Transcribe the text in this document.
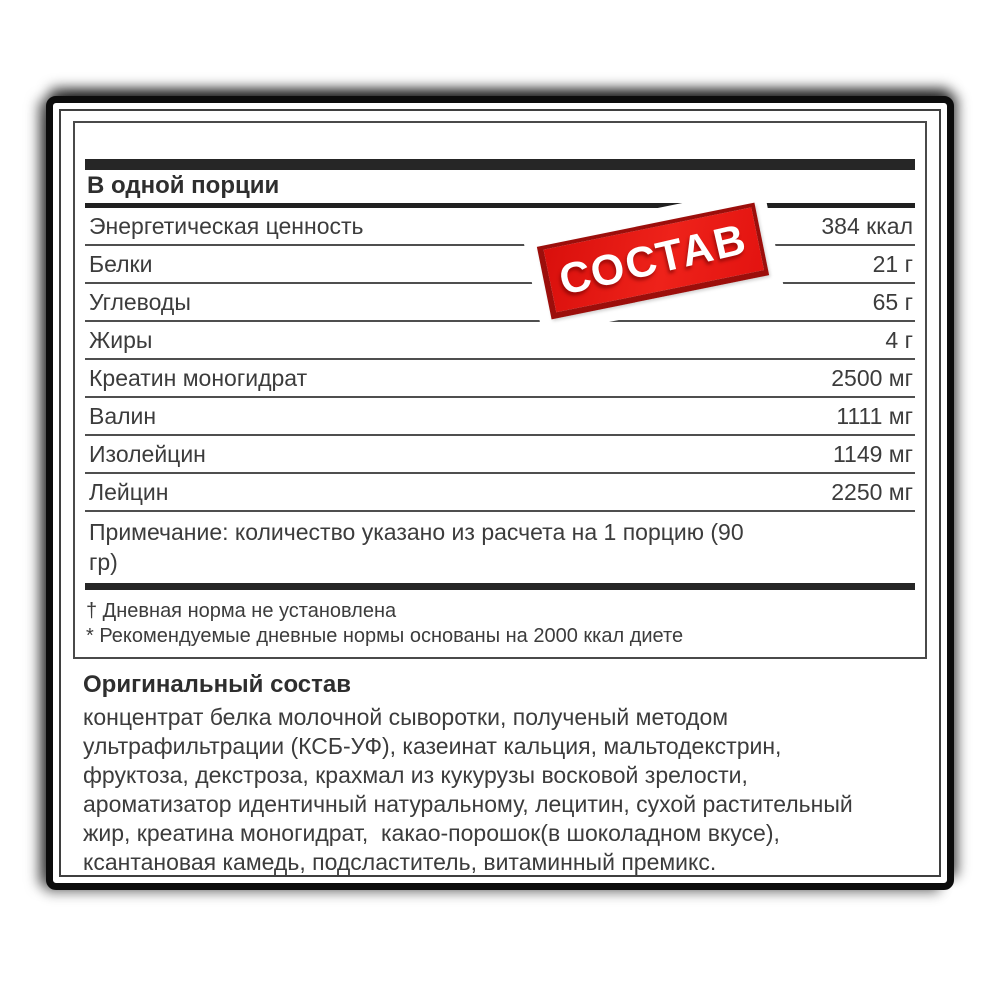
В одной порции
Энергетическая ценность	384 ккал
Белки	21 г
Углеводы	65 г
Жиры	4 г
Креатин моногидрат	2500 мг
Валин	1111 мг
Изолейцин	1149 мг
Лейцин	2250 мг
Примечание: количество указано из расчета на 1 порцию (90
гр)
† Дневная норма не установлена
* Рекомендуемые дневные нормы основаны на 2000 ккал диете
Оригинальный состав
концентрат белка молочной сыворотки, полученый методом
ультрафильтрации (КСБ-УФ), казеинат кальция, мальтодекстрин,
фруктоза, декстроза, крахмал из кукурузы восковой зрелости,
ароматизатор идентичный натуральному, лецитин, сухой растительный
жир, креатина моногидрат,  какао-порошок(в шоколадном вкусе),
ксантановая камедь, подсластитель, витаминный премикс.
СОСТАВ
